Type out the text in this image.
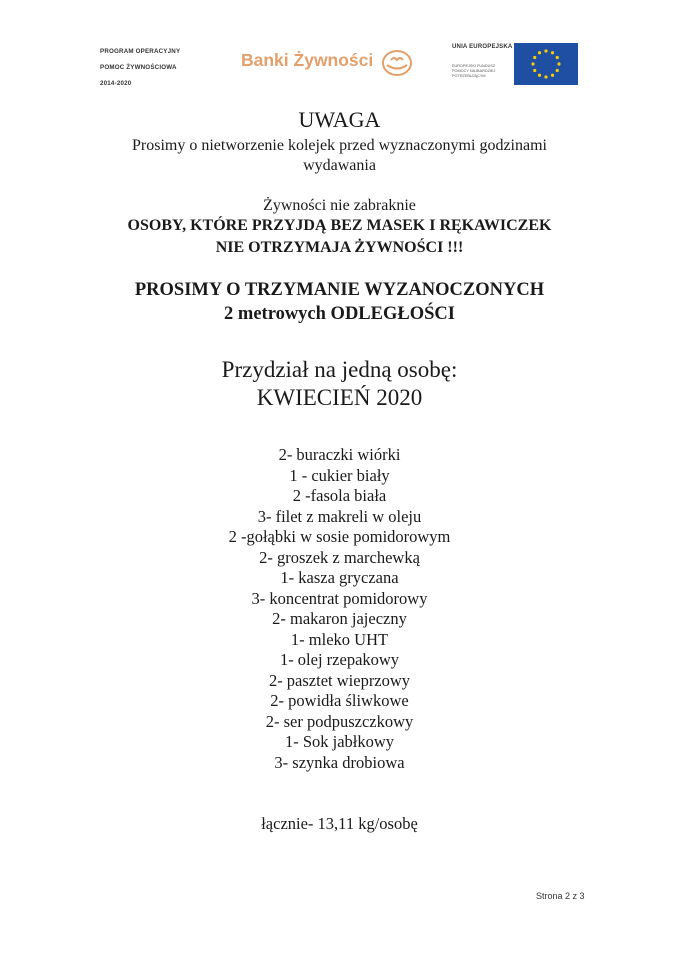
PROGRAM OPERACYJNY
POMOC ŻYWNOŚCIOWA
2014-2020
Banki Żywności
UNIA EUROPEJSKA
EUROPEJSKI FUNDUSZ POMOCY NAJBARDZIEJ POTRZEBUJĄCYM
UWAGA
Prosimy o nietworzenie kolejek przed wyznaczonymi godzinami
wydawania
Żywności nie zabraknie
OSOBY, KTÓRE PRZYJDĄ BEZ MASEK I RĘKAWICZEK
NIE OTRZYMAJA ŻYWNOŚCI !!!
PROSIMY O TRZYMANIE WYZANOCZONYCH
2 metrowych ODLEGŁOŚCI
Przydział na jedną osobę:
KWIECIEŃ 2020
2- buraczki wiórki
1 - cukier biały
2 -fasola biała
3- filet z makreli w oleju
2 -gołąbki w sosie pomidorowym
2- groszek z marchewką
1- kasza gryczana
3- koncentrat pomidorowy
2- makaron jajeczny
1- mleko UHT
1- olej rzepakowy
2- pasztet wieprzowy
2- powidła śliwkowe
2- ser podpuszczkowy
1- Sok jabłkowy
3- szynka drobiowa
łącznie- 13,11 kg/osobę
Strona 2 z 3
